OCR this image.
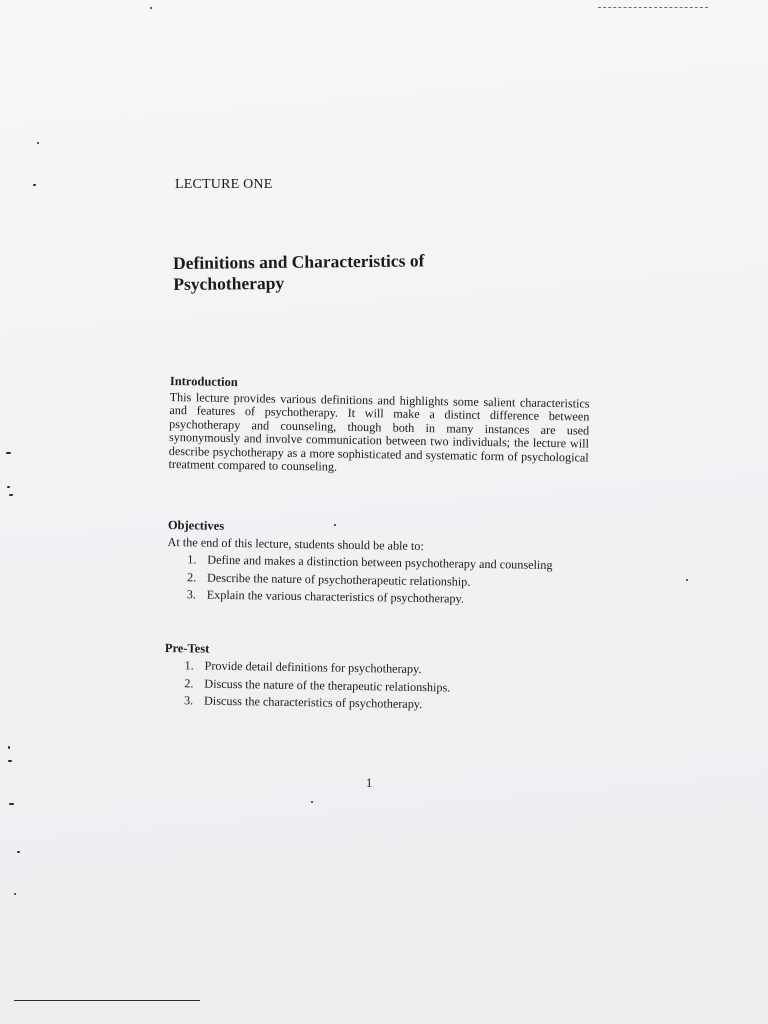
LECTURE ONE
Definitions and Characteristics of Psychotherapy
Introduction

This lecture provides various definitions and highlights some salient characteristics and features of psychotherapy. It will make a distinct difference between psychotherapy and counseling, though both in many instances are used synonymously and involve communication between two individuals; the lecture will describe psychotherapy as a more sophisticated and systematic form of psychological treatment compared to counseling.

Objectives

At the end of this lecture, students should be able to:

1. Define and makes a distinction between psychotherapy and counseling
2. Describe the nature of psychotherapeutic relationship.
3. Explain the various characteristics of psychotherapy.
Pre-Test
1. Provide detail definitions for psychotherapy.
2. Discuss the nature of the therapeutic relationships.
3. Discuss the characteristics of psychotherapy.
1
